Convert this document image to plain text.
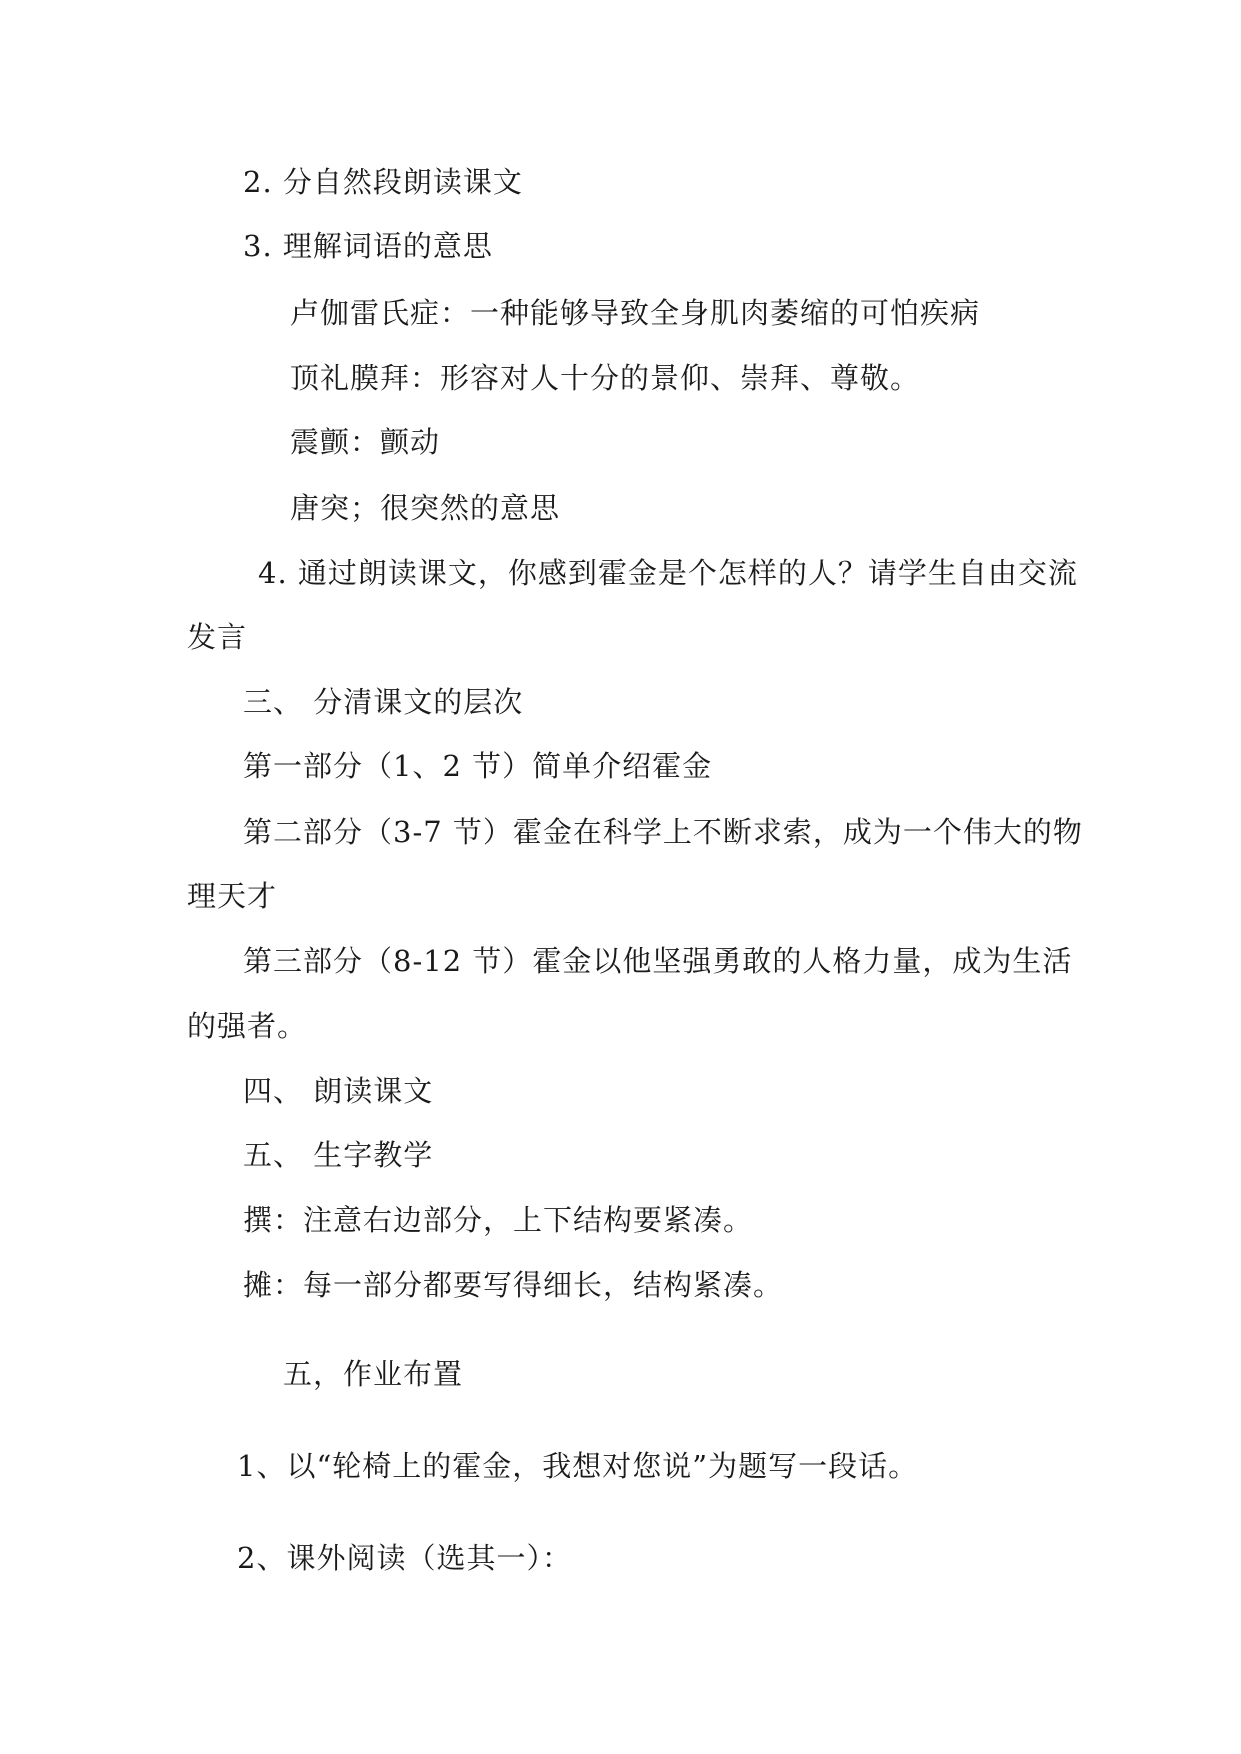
2. 分自然段朗读课文
3. 理解词语的意思
卢伽雷氏症：一种能够导致全身肌肉萎缩的可怕疾病
顶礼膜拜：形容对人十分的景仰、崇拜、尊敬。
震颤：颤动
唐突；很突然的意思
4. 通过朗读课文，你感到霍金是个怎样的人？请学生自由交流
发言
三、 分清课文的层次
第一部分（1、2 节）简单介绍霍金
第二部分（3-7 节）霍金在科学上不断求索，成为一个伟大的物
理天才
第三部分（8-12 节）霍金以他坚强勇敢的人格力量，成为生活
的强者。
四、 朗读课文
五、 生字教学
撰：注意右边部分，上下结构要紧凑。
摊：每一部分都要写得细长，结构紧凑。
五，作业布置
1、以“轮椅上的霍金，我想对您说”为题写一段话。
2、课外阅读（选其一）：
